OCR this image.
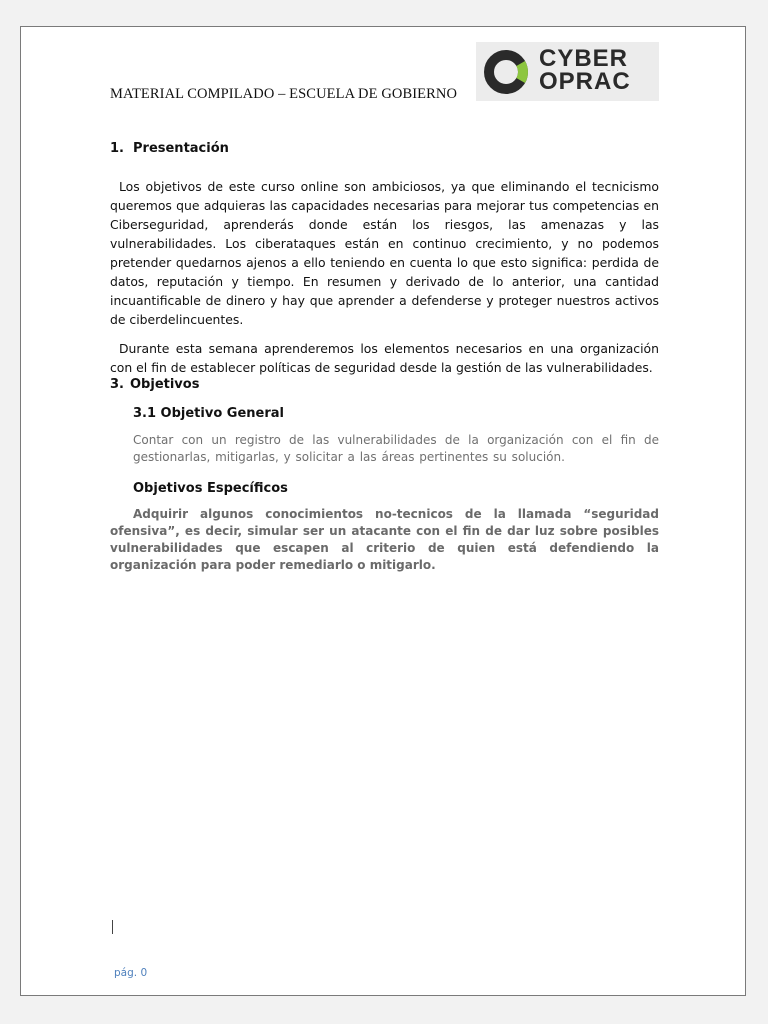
MATERIAL COMPILADO – ESCUELA DE GOBIERNO
CYBER
OPRAC
1. Presentación

Los objetivos de este curso online son ambiciosos, ya que eliminando el tecnicismo queremos que adquieras las capacidades necesarias para mejorar tus competencias en Ciberseguridad, aprenderás donde están los riesgos, las amenazas y las vulnerabilidades. Los ciberataques están en continuo crecimiento, y no podemos pretender quedarnos ajenos a ello teniendo en cuenta lo que esto significa: perdida de datos, reputación y tiempo. En resumen y derivado de lo anterior, una cantidad incuantificable de dinero y hay que aprender a defenderse y proteger nuestros activos de ciberdelincuentes.

Durante esta semana aprenderemos los elementos necesarios en una organización con el fin de establecer políticas de seguridad desde la gestión de las vulnerabilidades.

3. Objetivos
3.1 Objetivo General

Contar con un registro de las vulnerabilidades de la organización con el fin de gestionarlas, mitigarlas, y solicitar a las áreas pertinentes su solución.

Objetivos Específicos

Adquirir algunos conocimientos no-tecnicos de la llamada “seguridad ofensiva”, es decir, simular ser un atacante con el fin de dar luz sobre posibles vulnerabilidades que escapen al criterio de quien está defendiendo la organización para poder remediarlo o mitigarlo.

pág. 0
